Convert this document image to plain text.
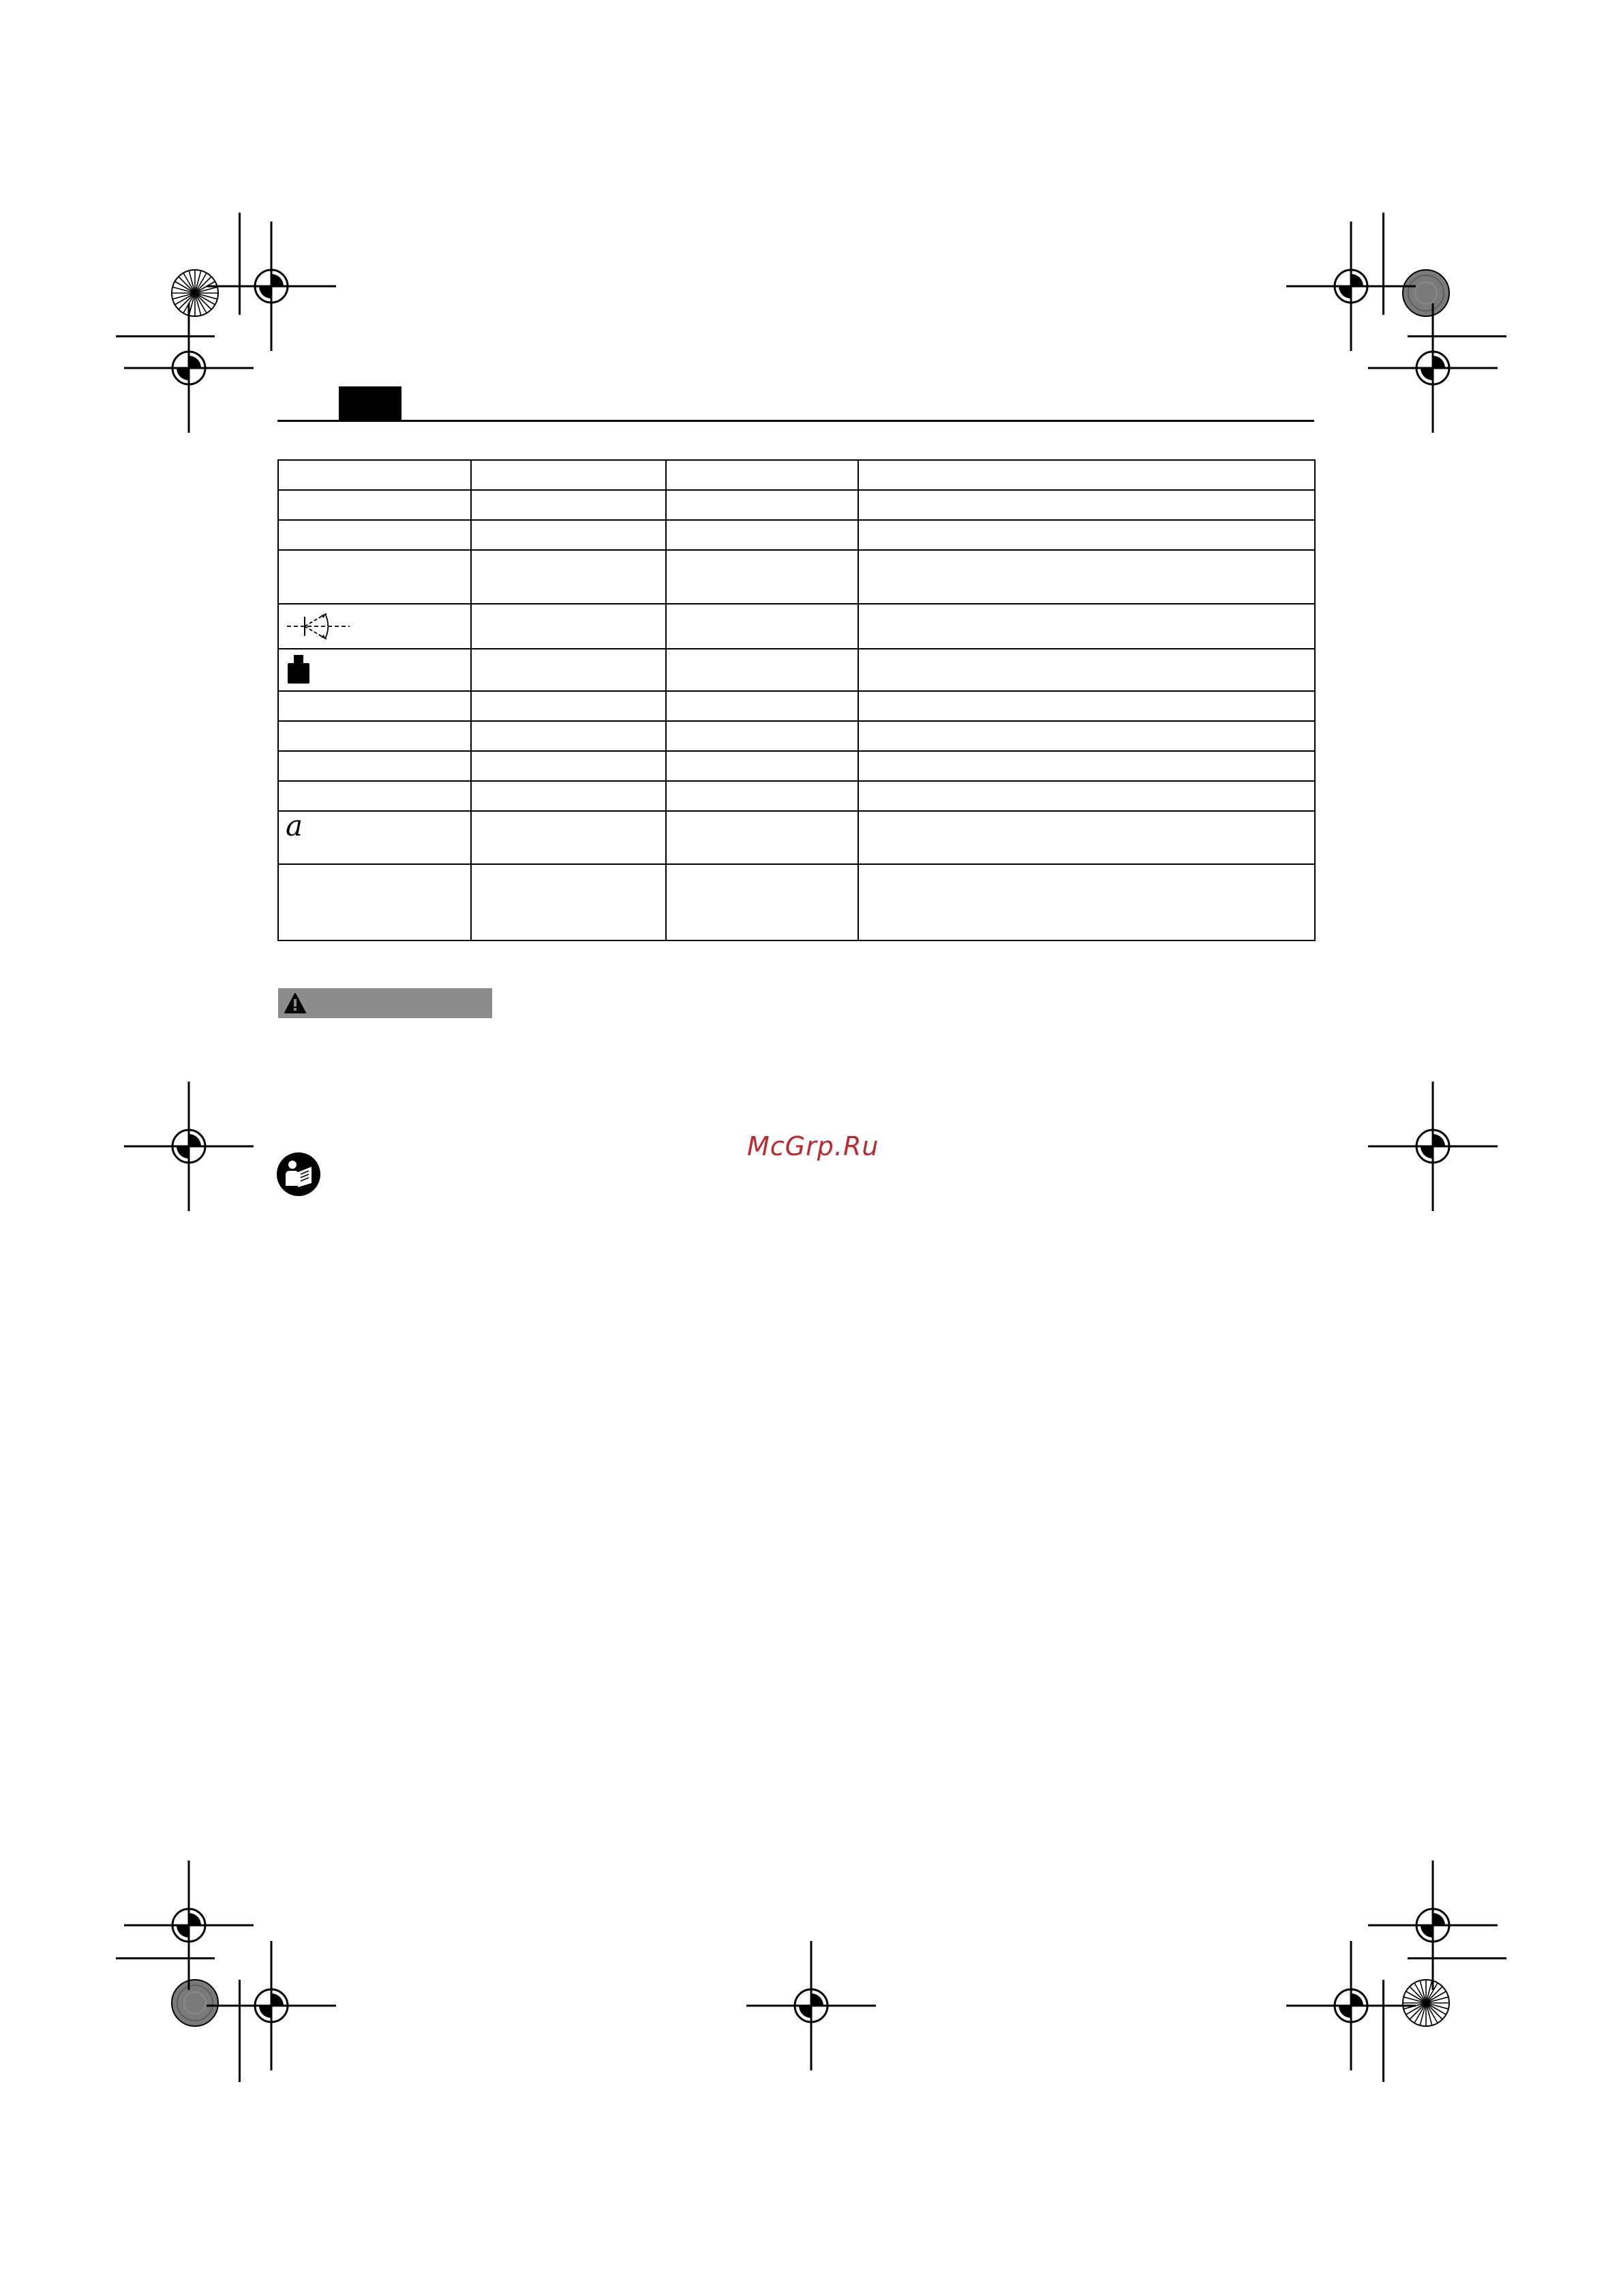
a			

McGrp.Ru
